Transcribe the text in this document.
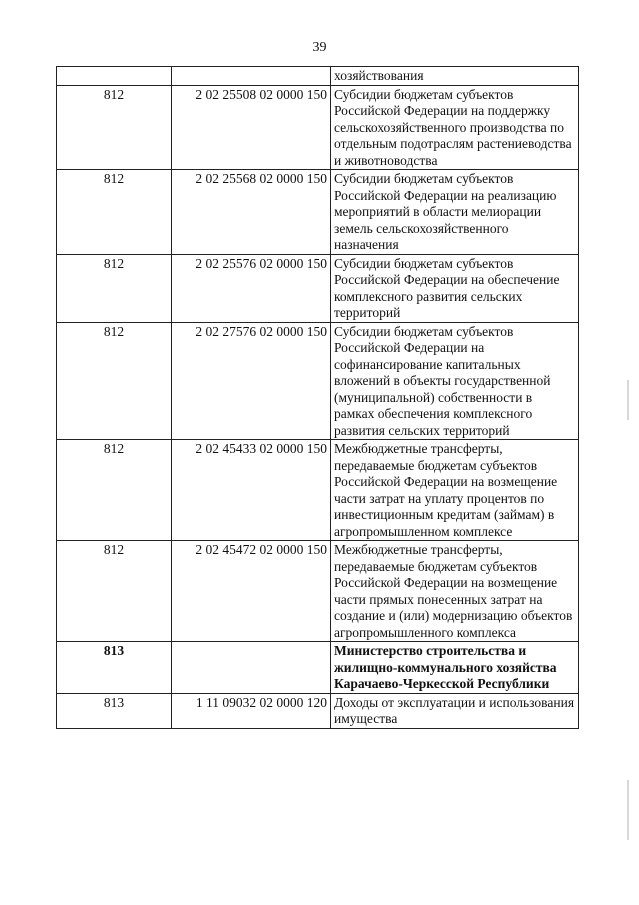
39
		хозяйствования
812	2 02 25508 02 0000 150	Субсидии бюджетам субъектов Российской Федерации на поддержку сельскохозяйственного производства по отдельным подотраслям растениеводства и животноводства
812	2 02 25568 02 0000 150	Субсидии бюджетам субъектов Российской Федерации на реализацию мероприятий в области мелиорации земель сельскохозяйственного назначения
812	2 02 25576 02 0000 150	Субсидии бюджетам субъектов Российской Федерации на обеспечение комплексного развития сельских территорий
812	2 02 27576 02 0000 150	Субсидии бюджетам субъектов Российской Федерации на софинансирование капитальных вложений в объекты государственной (муниципальной) собственности в рамках обеспечения комплексного развития сельских территорий
812	2 02 45433 02 0000 150	Межбюджетные трансферты, передаваемые бюджетам субъектов Российской Федерации на возмещение части затрат на уплату процентов по инвестиционным кредитам (займам) в агропромышленном комплексе
812	2 02 45472 02 0000 150	Межбюджетные трансферты, передаваемые бюджетам субъектов Российской Федерации на возмещение части прямых понесенных затрат на создание и (или) модернизацию объектов агропромышленного комплекса
813		Министерство строительства и жилищно-коммунального хозяйства Карачаево-Черкесской Республики
813	1 11 09032 02 0000 120	Доходы от эксплуатации и использования имущества
